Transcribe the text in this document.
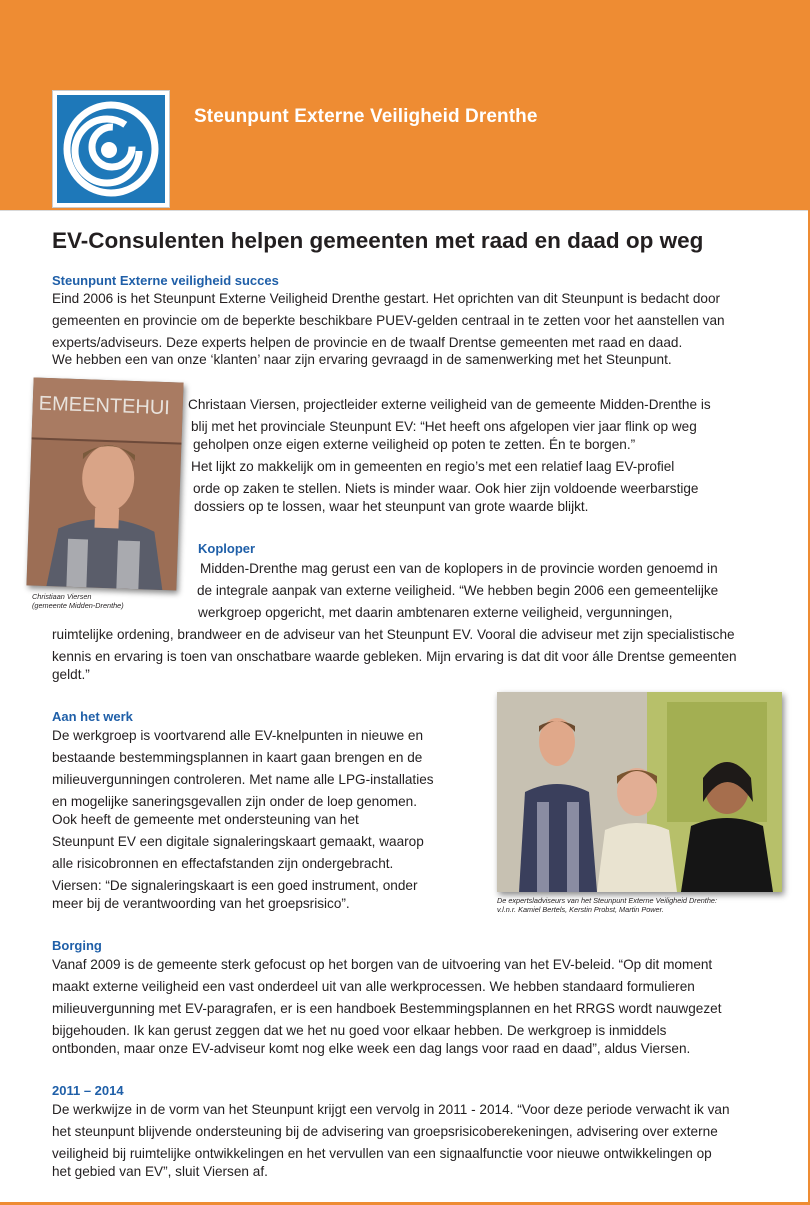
Steunpunt Externe Veiligheid Drenthe
EV-Consulenten helpen gemeenten met raad en daad op weg
Steunpunt Externe veiligheid succes
Eind 2006 is het Steunpunt Externe Veiligheid Drenthe gestart. Het oprichten van dit Steunpunt is bedacht door
gemeenten en provincie om de beperkte beschikbare PUEV-gelden centraal in te zetten voor het aanstellen van
experts/adviseurs. Deze experts helpen de provincie en de twaalf Drentse gemeenten met raad en daad.
We hebben een van onze ‘klanten’ naar zijn ervaring gevraagd in de samenwerking met het Steunpunt.
EMEENTEHUI
Christiaan Viersen
(gemeente Midden-Drenthe)
Christaan Viersen, projectleider externe veiligheid van de gemeente Midden-Drenthe is
blij met het provinciale Steunpunt EV: “Het heeft ons afgelopen vier jaar flink op weg
geholpen onze eigen externe veiligheid op poten te zetten. Én te borgen.”
Het lijkt zo makkelijk om in gemeenten en regio’s met een relatief laag EV-profiel
orde op zaken te stellen. Niets is minder waar. Ook hier zijn voldoende weerbarstige
dossiers op te lossen, waar het steunpunt van grote waarde blijkt.
Koploper
Midden-Drenthe mag gerust een van de koplopers in de provincie worden genoemd in
de integrale aanpak van externe veiligheid. “We hebben begin 2006 een gemeentelijke
werkgroep opgericht, met daarin ambtenaren externe veiligheid, vergunningen,
ruimtelijke ordening, brandweer en de adviseur van het Steunpunt EV. Vooral die adviseur met zijn specialistische
kennis en ervaring is toen van onschatbare waarde gebleken. Mijn ervaring is dat dit voor álle Drentse gemeenten
geldt.”
Aan het werk
De werkgroep is voortvarend alle EV-knelpunten in nieuwe en
bestaande bestemmingsplannen in kaart gaan brengen en de
milieuvergunningen controleren. Met name alle LPG-installaties
en mogelijke saneringsgevallen zijn onder de loep genomen.
Ook heeft de gemeente met ondersteuning van het
Steunpunt EV een digitale signaleringskaart gemaakt, waarop
alle risicobronnen en effectafstanden zijn ondergebracht.
Viersen: “De signaleringskaart is een goed instrument, onder
meer bij de verantwoording van het groepsrisico”.	De expertsladviseurs van het Steunpunt Externe Veiligheid Drenthe:
v.l.n.r. Kamiel Bertels, Kerstin Probst, Martin Power.
Borging
Vanaf 2009 is de gemeente sterk gefocust op het borgen van de uitvoering van het EV-beleid. “Op dit moment
maakt externe veiligheid een vast onderdeel uit van alle werkprocessen. We hebben standaard formulieren
milieuvergunning met EV-paragrafen, er is een handboek Bestemmingsplannen en het RRGS wordt nauwgezet
bijgehouden. Ik kan gerust zeggen dat we het nu goed voor elkaar hebben. De werkgroep is inmiddels
ontbonden, maar onze EV-adviseur komt nog elke week een dag langs voor raad en daad”, aldus Viersen.
2011 – 2014
De werkwijze in de vorm van het Steunpunt krijgt een vervolg in 2011 - 2014. “Voor deze periode verwacht ik van
het steunpunt blijvende ondersteuning bij de advisering van groepsrisicoberekeningen, advisering over externe
veiligheid bij ruimtelijke ontwikkelingen en het vervullen van een signaalfunctie voor nieuwe ontwikkelingen op
het gebied van EV”, sluit Viersen af.
